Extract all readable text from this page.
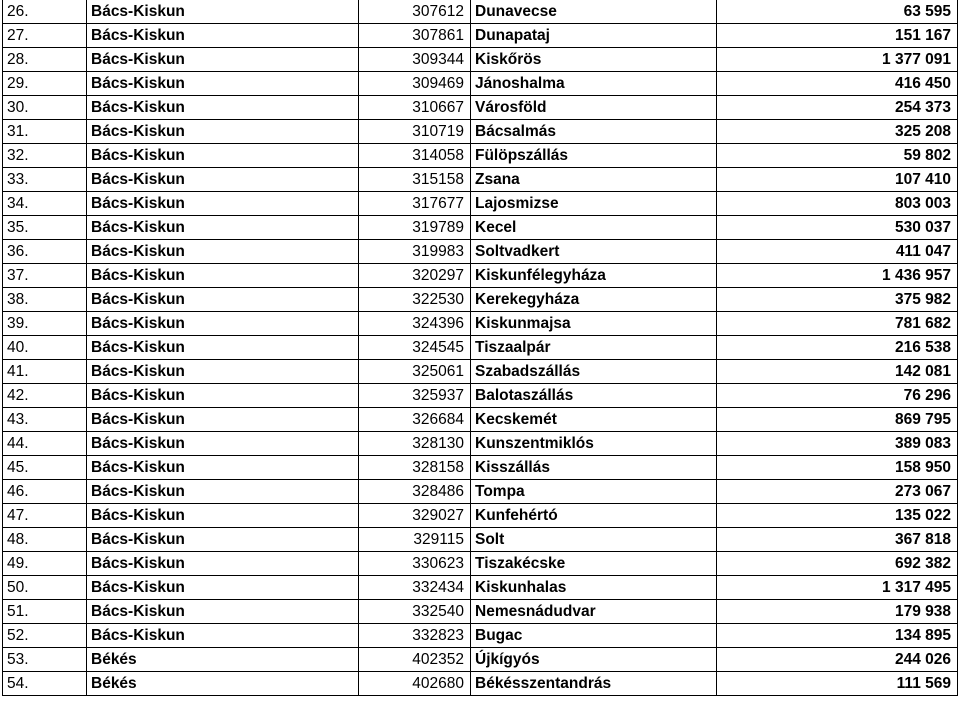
26.	Bács-Kiskun	307612	Dunavecse	63 595
27.	Bács-Kiskun	307861	Dunapataj	151 167
28.	Bács-Kiskun	309344	Kiskőrös	1 377 091
29.	Bács-Kiskun	309469	Jánoshalma	416 450
30.	Bács-Kiskun	310667	Városföld	254 373
31.	Bács-Kiskun	310719	Bácsalmás	325 208
32.	Bács-Kiskun	314058	Fülöpszállás	59 802
33.	Bács-Kiskun	315158	Zsana	107 410
34.	Bács-Kiskun	317677	Lajosmizse	803 003
35.	Bács-Kiskun	319789	Kecel	530 037
36.	Bács-Kiskun	319983	Soltvadkert	411 047
37.	Bács-Kiskun	320297	Kiskunfélegyháza	1 436 957
38.	Bács-Kiskun	322530	Kerekegyháza	375 982
39.	Bács-Kiskun	324396	Kiskunmajsa	781 682
40.	Bács-Kiskun	324545	Tiszaalpár	216 538
41.	Bács-Kiskun	325061	Szabadszállás	142 081
42.	Bács-Kiskun	325937	Balotaszállás	76 296
43.	Bács-Kiskun	326684	Kecskemét	869 795
44.	Bács-Kiskun	328130	Kunszentmiklós	389 083
45.	Bács-Kiskun	328158	Kisszállás	158 950
46.	Bács-Kiskun	328486	Tompa	273 067
47.	Bács-Kiskun	329027	Kunfehértó	135 022
48.	Bács-Kiskun	329115	Solt	367 818
49.	Bács-Kiskun	330623	Tiszakécske	692 382
50.	Bács-Kiskun	332434	Kiskunhalas	1 317 495
51.	Bács-Kiskun	332540	Nemesnádudvar	179 938
52.	Bács-Kiskun	332823	Bugac	134 895
53.	Békés	402352	Újkígyós	244 026
54.	Békés	402680	Békésszentandrás	111 569
